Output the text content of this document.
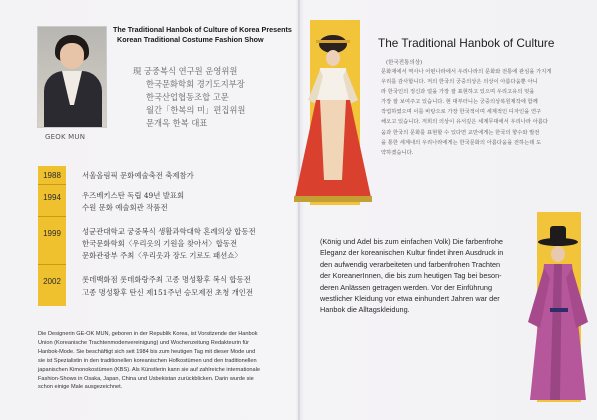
GEOK MUN
The Traditional Hanbok of Culture of Korea Presents
Korean Traditional Costume Fashion Show
現 궁중복식 연구원 운영위원
한국문화학회 경기도지부장
한국산업협동조합 고문
월간「한복의 미」편집위원
문개옥 한복 대표
1988	서울올림픽 문화예술축전 축제참가
1994	우즈베키스탄 독립 49년 발표회
수원 문화 예술회관 작품전
1999	성균관대학교 궁중복식 생활과학대학 혼례의상 합동전
한국문화학회〈우리옷의 기원을 찾아서〉합동전
문화관광부 주최〈우리옷과 장도 기로도 패션쇼〉
2002	롯데백화점 롯데화랑주최 고종 명성황후 복식 합동전
고종 명성황후 탄신 제151주년 승모제전 초청 개인전
Die Designerin GE-OK MUN, geboren in der Republik Korea, ist Vorsitzende der Hanbok
Union (Koreanische Trachtenmodenvereinigung) und Wochenzeitung Redakteurin für
Hanbok-Mode. Sie beschäftigt sich seit 1984 bis zum heutigen Tag mit dieser Mode und
sie ist Spezialistin in den traditionellen koreanischen Hofkostümen und den traditionellen
japanischen Kimonokostümen (KBS). Als Künstlerin kann sie auf zahlreiche internationale
Fashion-Shows in Osaka, Japan, China und Usbekistan zurückblicken. Darin wurde sie
schon einige Male ausgezeichnet.
The Traditional Hanbok of Culture
(한국전통의상)
문화재에서 역사나 어떤나라에서 우리나라의 문화와 전통에 관심을 가지게
우리를 감사합니다. 저의 한국의 궁중의상은 의상이 아름다움뿐 아니
라 한국인의 정신과 얼을 가장 잘 표현하고 있으며 우리고유의 멋을
가장 잘 보여주고 있습니다. 현 대부터니는 궁중의상복원제작에 함께
작업하였으며 이를 바탕으로 가장 한국적이며 세계적인 디자인을 연구
해오고 있습니다. 저희의 의상이 유서깊은 세계무대에서 우리나라 아름다
움과 한국의 문화를 표현할 수 있다면 교만에게는 한국의 향수와 발전
을 통한 세계내의 우리나라에게는 한국문화의 아름다움을 전하는데 도
약하겠습니다.
(König und Adel bis zum einfachen Volk) Die farbenfrohe
Eleganz der koreanischen Kultur findet ihren Ausdruck in
den aufwendig verarbeiteten und farbenfrohen Trachten
der KoreanerInnen, die bis zum heutigen Tag bei beson-
deren Anlässen getragen werden. Vor der Einführung
westlicher Kleidung vor etwa einhundert Jahren war der
Hanbok die Alltagskleidung.
